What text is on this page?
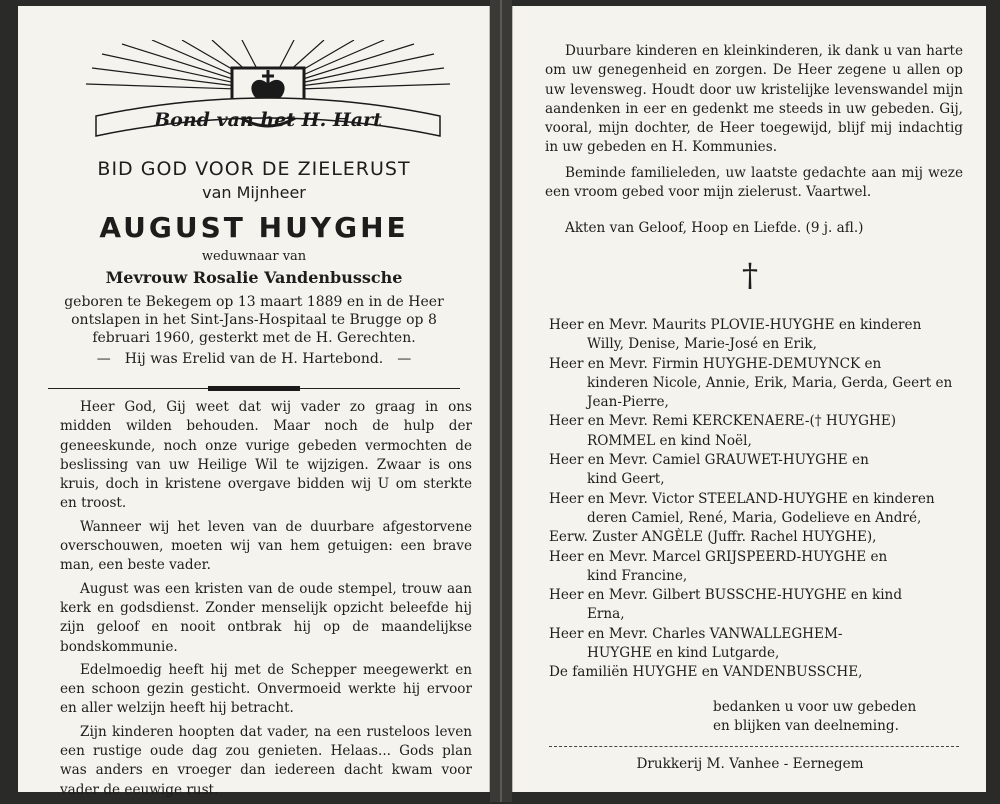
Bond van het H. Hart
BID GOD VOOR DE ZIELERUST
van Mijnheer
AUGUST HUYGHE
weduwnaar van
Mevrouw Rosalie Vandenbussche
geboren te Bekegem op 13 maart 1889 en in de Heer ontslapen in het Sint-Jans-Hospitaal te Brugge op 8 februari 1960, gesterkt met de H. Gerechten.
— Hij was Erelid van de H. Hartebond. —

Heer God, Gij weet dat wij vader zo graag in ons midden wilden behouden. Maar noch de hulp der geneeskunde, noch onze vurige gebeden vermochten de beslissing van uw Heilige Wil te wijzigen. Zwaar is ons kruis, doch in kristene overgave bidden wij U om sterkte en troost.

Wanneer wij het leven van de duurbare afgestorvene overschouwen, moeten wij van hem getuigen: een brave man, een beste vader.

August was een kristen van de oude stempel, trouw aan kerk en godsdienst. Zonder menselijk opzicht beleefde hij zijn geloof en nooit ontbrak hij op de maandelijkse bondskommunie.

Edelmoedig heeft hij met de Schepper meegewerkt en een schoon gezin gesticht. Onvermoeid werkte hij ervoor en aller welzijn heeft hij betracht.

Zijn kinderen hoopten dat vader, na een rusteloos leven een rustige oude dag zou genieten. Helaas... Gods plan was anders en vroeger dan iedereen dacht kwam voor vader de eeuwige rust.

Duurbare kinderen en kleinkinderen, ik dank u van harte om uw genegenheid en zorgen. De Heer zegene u allen op uw levensweg. Houdt door uw kristelijke levenswandel mijn aandenken in eer en gedenkt me steeds in uw gebeden. Gij, vooral, mijn dochter, de Heer toegewijd, blijf mij indachtig in uw gebeden en H. Kommunies.

Beminde familieleden, uw laatste gedachte aan mij weze een vroom gebed voor mijn zielerust. Vaartwel.

Akten van Geloof, Hoop en Liefde. (9 j. afl.)
†
Heer en Mevr. Maurits PLOVIE-HUYGHE en kinderen
Willy, Denise, Marie-José en Erik,
Heer en Mevr. Firmin HUYGHE-DEMUYNCK en
kinderen Nicole, Annie, Erik, Maria, Gerda, Geert en Jean-Pierre,
Heer en Mevr. Remi KERCKENAERE-(† HUYGHE)
ROMMEL en kind Noël,
Heer en Mevr. Camiel GRAUWET-HUYGHE en
kind Geert,
Heer en Mevr. Victor STEELAND-HUYGHE en kinderen
deren Camiel, René, Maria, Godelieve en André,
Eerw. Zuster ANGÈLE (Juffr. Rachel HUYGHE),
Heer en Mevr. Marcel GRIJSPEERD-HUYGHE en
kind Francine,
Heer en Mevr. Gilbert BUSSCHE-HUYGHE en kind
Erna,
Heer en Mevr. Charles VANWALLEGHEM-
HUYGHE en kind Lutgarde,
De familiën HUYGHE en VANDENBUSSCHE,
bedanken u voor uw gebeden
en blijken van deelneming.
Drukkerij M. Vanhee - Eernegem
